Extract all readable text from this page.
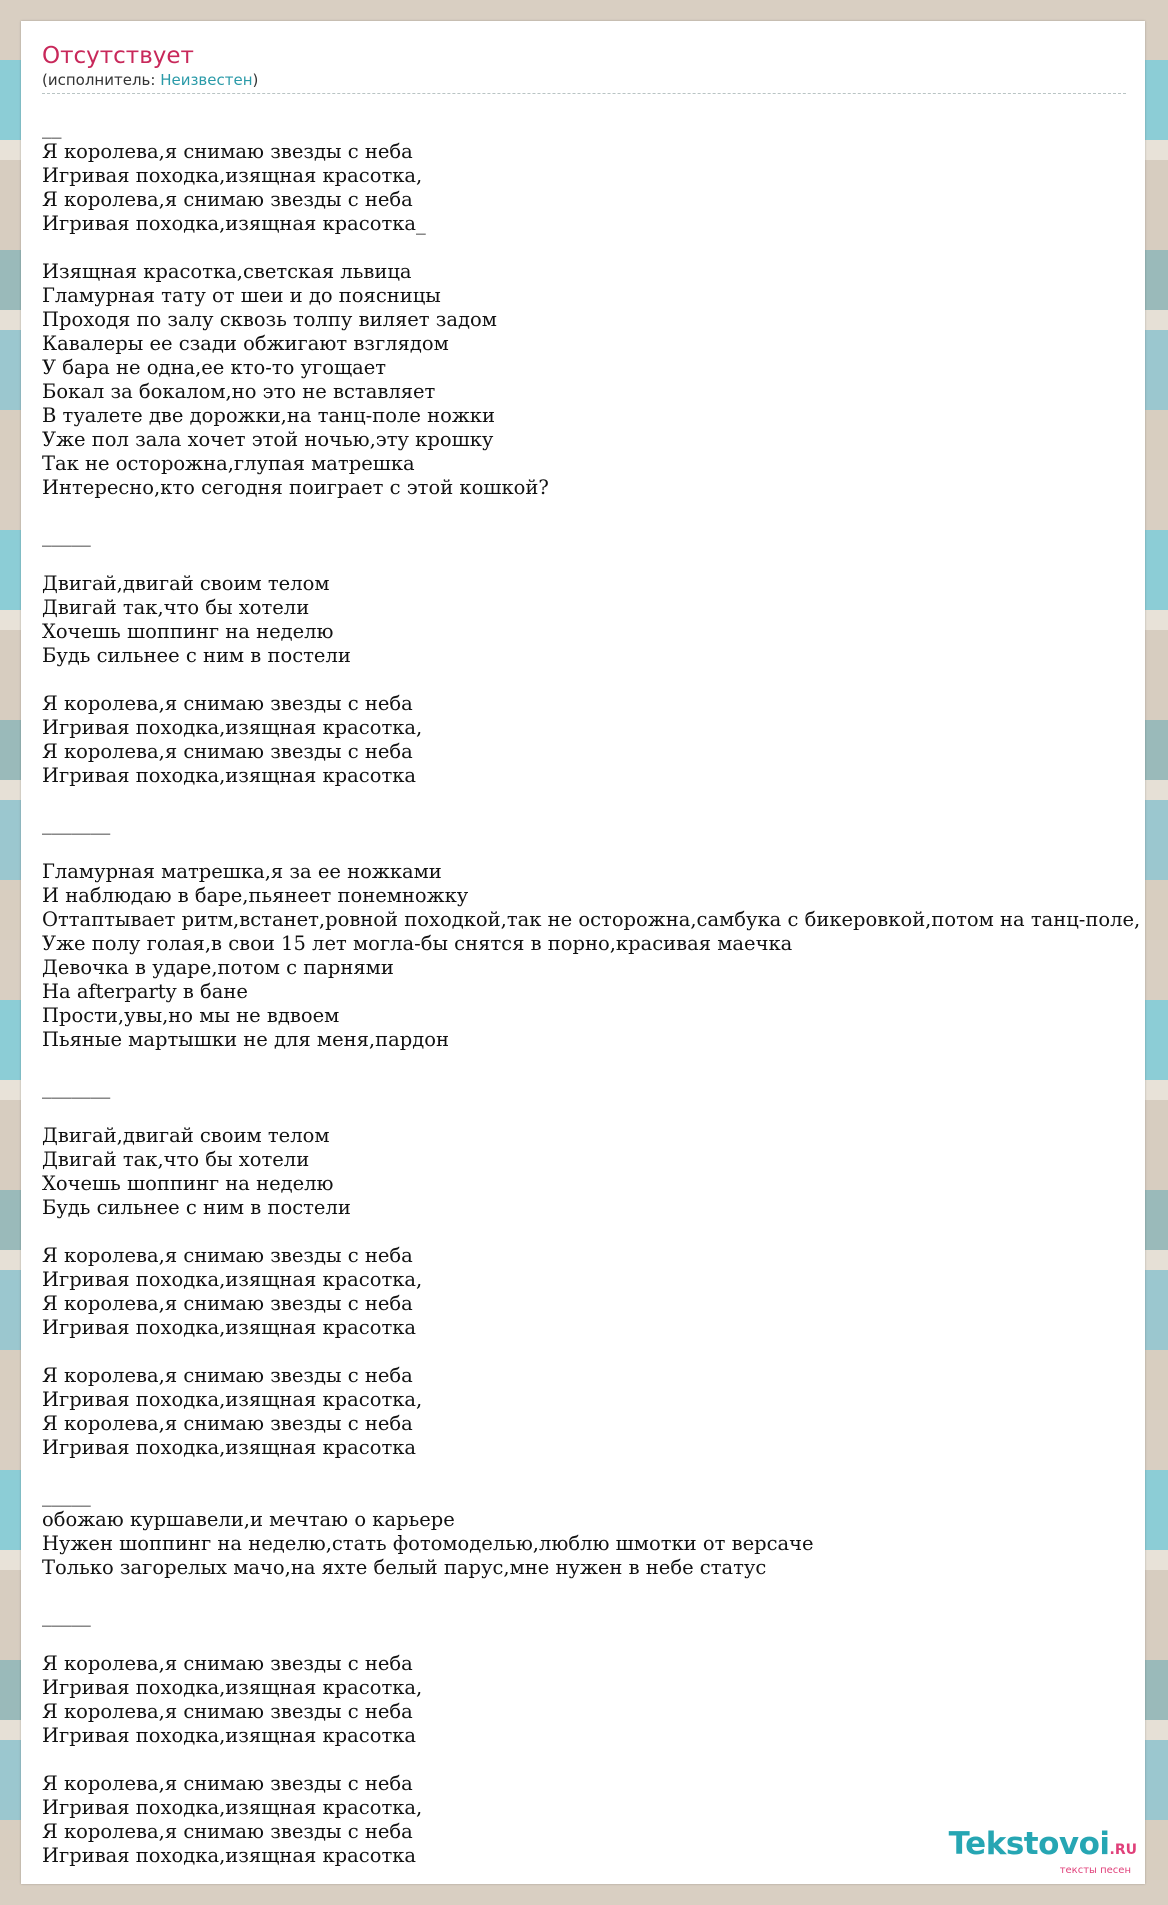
Отсутствует
(исполнитель: Неизвестен)
__
Я королева,я снимаю звезды с неба
Игривая походка,изящная красотка,
Я королева,я снимаю звезды с неба
Игривая походка,изящная красотка_
Изящная красотка,светская львица
Гламурная тату от шеи и до поясницы
Проходя по залу сквозь толпу виляет задом
Кавалеры ее сзади обжигают взглядом
У бара не одна,ее кто-то угощает
Бокал за бокалом,но это не вставляет
В туалете две дорожки,на танц-поле ножки
Уже пол зала хочет этой ночью,эту крошку
Так не осторожна,глупая матрешка
Интересно,кто сегодня поиграет с этой кошкой?
_____
Двигай,двигай своим телом
Двигай так,что бы хотели
Хочешь шоппинг на неделю
Будь сильнее с ним в постели
Я королева,я снимаю звезды с неба
Игривая походка,изящная красотка,
Я королева,я снимаю звезды с неба
Игривая походка,изящная красотка
_______
Гламурная матрешка,я за ее ножками
И наблюдаю в баре,пьянеет понемножку
Оттаптывает ритм,встанет,ровной походкой,так не осторожна,самбука с бикеровкой,потом на танц-поле,
Уже полу голая,в свои 15 лет могла-бы снятся в порно,красивая маечка
Девочка в ударе,потом с парнями
На afterparty в бане
Прости,увы,но мы не вдвоем
Пьяные мартышки не для меня,пардон
_______
Двигай,двигай своим телом
Двигай так,что бы хотели
Хочешь шоппинг на неделю
Будь сильнее с ним в постели
Я королева,я снимаю звезды с неба
Игривая походка,изящная красотка,
Я королева,я снимаю звезды с неба
Игривая походка,изящная красотка
Я королева,я снимаю звезды с неба
Игривая походка,изящная красотка,
Я королева,я снимаю звезды с неба
Игривая походка,изящная красотка
_____
обожаю куршавели,и мечтаю о карьере
Нужен шоппинг на неделю,стать фотомоделью,люблю шмотки от версаче
Только загорелых мачо,на яхте белый парус,мне нужен в небе статус
_____
Я королева,я снимаю звезды с неба
Игривая походка,изящная красотка,
Я королева,я снимаю звезды с неба
Игривая походка,изящная красотка
Я королева,я снимаю звезды с неба
Игривая походка,изящная красотка,
Я королева,я снимаю звезды с неба
Игривая походка,изящная красотка	Tekstovoi.RU
тексты песен
